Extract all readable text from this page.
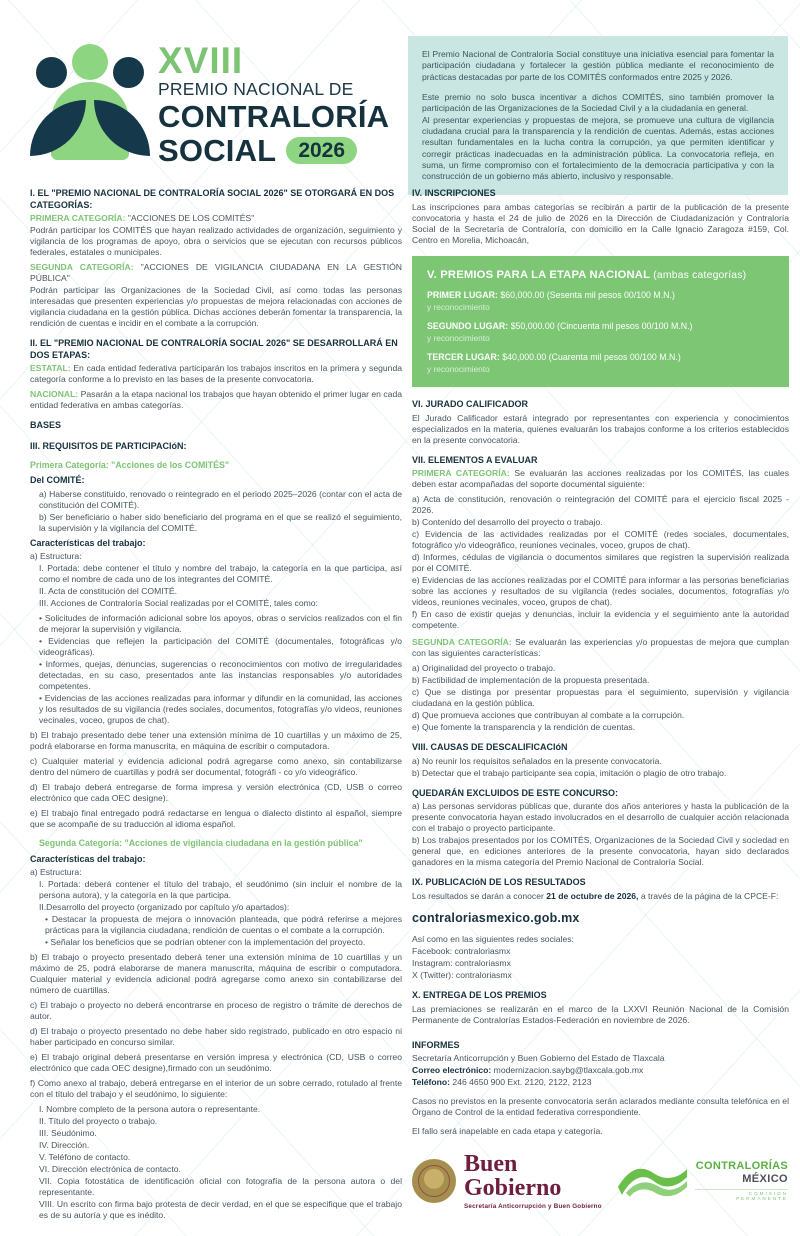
XVIII
PREMIO NACIONAL DE
CONTRALORÍA
SOCIAL	2026

El Premio Nacional de Contraloría Social constituye una iniciativa esencial para fomentar la participación ciudadana y fortalecer la gestión pública mediante el reconocimiento de prácticas destacadas por parte de los COMITÉS conformados entre 2025 y 2026.

Este premio no solo busca incentivar a dichos COMITÉS, sino también promover la participación de las Organizaciones de la Sociedad Civil y a la ciudadanía en general.

Al presentar experiencias y propuestas de mejora, se promueve una cultura de vigilancia ciudadana crucial para la transparencia y la rendición de cuentas. Además, estas acciones resultan fundamentales en la lucha contra la corrupción, ya que permiten identificar y corregir prácticas inadecuadas en la administración pública. La convocatoria refleja, en suma, un firme compromiso con el fortalecimiento de la democracia participativa y con la construcción de un gobierno más abierto, inclusivo y responsable.

I. EL "PREMIO NACIONAL DE CONTRALORÍA SOCIAL 2026" SE OTORGARÁ EN DOS CATEGORÍAS:

PRIMERA CATEGORÍA: "ACCIONES DE LOS COMITÉS"

Podrán participar los COMITÉS que hayan realizado actividades de organización, seguimiento y vigilancia de los programas de apoyo, obra o servicios que se ejecutan con recursos públicos federales, estatales o municipales.

SEGUNDA CATEGORÍA: "ACCIONES DE VIGILANCIA CIUDADANA EN LA GESTIÓN PÚBLICA"

Podrán participar las Organizaciones de la Sociedad Civil, así como todas las personas interesadas que presenten experiencias y/o propuestas de mejora relacionadas con acciones de vigilancia ciudadana en la gestión pública. Dichas acciones deberán fomentar la transparencia, la rendición de cuentas e incidir en el combate a la corrupción.

II. EL "PREMIO NACIONAL DE CONTRALORÍA SOCIAL 2026" SE DESARROLLARÁ EN DOS ETAPAS:

ESTATAL: En cada entidad federativa participarán los trabajos inscritos en la primera y segunda categoría conforme a lo previsto en las bases de la presente convocatoria.

NACIONAL: Pasarán a la etapa nacional los trabajos que hayan obtenido el primer lugar en cada entidad federativa en ambas categorías.

BASES
III. REQUISITOS DE PARTICIPACIóN:
Primera Categoría: "Acciones de los COMITÉS"
Del COMITÉ:

a) Haberse constituido, renovado o reintegrado en el periodo 2025–2026 (contar con el acta de constitución del COMITÉ).

b) Ser beneficiario o haber sido beneficiario del programa en el que se realizó el seguimiento, la supervisión y la vigilancia del COMITÉ.

Características del trabajo:

a) Estructura:

I. Portada: debe contener el título y nombre del trabajo, la categoría en la que participa, así como el nombre de cada uno de los integrantes del COMITÉ.

II. Acta de constitución del COMITÉ.

III. Acciones de Contraloría Social realizadas por el COMITÉ, tales como:

• Solicitudes de información adicional sobre los apoyos, obras o servicios realizados con el fin de mejorar la supervisión y vigilancia.

• Evidencias que reflejen la participación del COMITÉ (documentales, fotográficas y/o videográficas).

• Informes, quejas, denuncias, sugerencias o reconocimientos con motivo de irregularidades detectadas, en su caso, presentados ante las instancias responsables y/o autoridades competentes.

• Evidencias de las acciones realizadas para informar y difundir en la comunidad, las acciones y los resultados de su vigilancia (redes sociales, documentos, fotografías y/o videos, reuniones vecinales, voceo, grupos de chat).

b) El trabajo presentado debe tener una extensión mínima de 10 cuartillas y un máximo de 25, podrá elaborarse en forma manuscrita, en máquina de escribir o computadora.

c) Cualquier material y evidencia adicional podrá agregarse como anexo, sin contabilizarse dentro del número de cuartillas y podrá ser documental, fotográfi - co y/o videográfico.

d) El trabajo deberá entregarse de forma impresa y versión electrónica (CD, USB o correo electrónico que cada OEC designe).

e) El trabajo final entregado podrá redactarse en lengua o dialecto distinto al español, siempre que se acompañe de su traducción al idioma español.

Segunda Categoría: "Acciones de vigilancia ciudadana en la gestión pública"
Características del trabajo:

a) Estructura:

I. Portada: deberá contener el título del trabajo, el seudónimo (sin incluir el nombre de la persona autora), y la categoría en la que participa.

II.Desarrollo del proyecto (organizado por capítulo y/o apartados):

• Destacar la propuesta de mejora o innovación planteada, que podrá referirse a mejores prácticas para la vigilancia ciudadana, rendición de cuentas o el combate a la corrupción.

• Señalar los beneficios que se podrían obtener con la implementación del proyecto.

b) El trabajo o proyecto presentado deberá tener una extensión mínima de 10 cuartillas y un máximo de 25, podrá elaborarse de manera manuscrita, máquina de escribir o computadora. Cualquier material y evidencia adicional podrá agregarse como anexo sin contabilizarse del número de cuartillas.

c) El trabajo o proyecto no deberá encontrarse en proceso de registro o trámite de derechos de autor.

d) El trabajo o proyecto presentado no debe haber sido registrado, publicado en otro espacio ni haber participado en concurso similar.

e) El trabajo original deberá presentarse en versión impresa y electrónica (CD, USB o correo electrónico que cada OEC designe),firmado con un seudónimo.

f) Como anexo al trabajo, deberá entregarse en el interior de un sobre cerrado, rotulado al frente con el título del trabajo y el seudónimo, lo siguiente:

I. Nombre completo de la persona autora o representante.

II. Título del proyecto o trabajo.

III. Seudónimo.

IV. Dirección.

V. Teléfono de contacto.

VI. Dirección electrónica de contacto.

VII. Copia fotostática de identificación oficial con fotografía de la persona autora o del representante.

VIII. Un escrito con firma bajo protesta de decir verdad, en el que se especifique que el trabajo es de su autoría y que es inédito.

IV. INSCRIPCIONES

Las inscripciones para ambas categorías se recibirán a partir de la publicación de la presente convocatoria y hasta el 24 de julio de 2026 en la Dirección de Ciudadanización y Contraloría Social de la Secretaría de Contraloría, con domicilio en la Calle Ignacio Zaragoza #159, Col. Centro en Morelia, Michoacán,

V. PREMIOS PARA LA ETAPA NACIONAL (ambas categorías)
PRIMER LUGAR: $60,000.00 (Sesenta mil pesos 00/100 M.N.)
y reconocimiento
SEGUNDO LUGAR: $50,000.00 (Cincuenta mil pesos 00/100 M.N.)
y reconocimiento
TERCER LUGAR: $40,000.00 (Cuarenta mil pesos 00/100 M.N.)
y reconocimiento
VI. JURADO CALIFICADOR

El Jurado Calificador estará integrado por representantes con experiencia y conocimientos especializados en la materia, quienes evaluarán los trabajos conforme a los criterios establecidos en la presente convocatoria.

VII. ELEMENTOS A EVALUAR

PRIMERA CATEGORÍA: Se evaluarán las acciones realizadas por los COMITÉS, las cuales deben estar acompañadas del soporte documental siguiente:

a) Acta de constitución, renovación o reintegración del COMITÉ para el ejercicio fiscal 2025 - 2026.

b) Contenido del desarrollo del proyecto o trabajo.

c) Evidencia de las actividades realizadas por el COMITÉ (redes sociales, documentales, fotográfico y/o videográfico, reuniones vecinales, voceo, grupos de chat).

d) Informes, cédulas de vigilancia o documentos similares que registren la supervisión realizada por el COMITÉ.

e) Evidencias de las acciones realizadas por el COMITÉ para informar a las personas beneficiarias sobre las acciones y resultados de su vigilancia (redes sociales, documentos, fotografías y/o videos, reuniones vecinales, voceo, grupos de chat).

f) En caso de existir quejas y denuncias, incluir la evidencia y el seguimiento ante la autoridad competente.

SEGUNDA CATEGORÍA: Se evaluarán las experiencias y/o propuestas de mejora que cumplan con las siguientes características:

a) Originalidad del proyecto o trabajo.

b) Factibilidad de implementación de la propuesta presentada.

c) Que se distinga por presentar propuestas para el seguimiento, supervisión y vigilancia ciudadana en la gestión pública.

d) Que promueva acciones que contribuyan al combate a la corrupción.

e) Que fomente la transparencia y la rendición de cuentas.

VIII. CAUSAS DE DESCALIFICACIóN

a) No reunir los requisitos señalados en la presente convocatoria.

b) Detectar que el trabajo participante sea copia, imitación o plagio de otro trabajo.

QUEDARÁN EXCLUIDOS DE ESTE CONCURSO:

a) Las personas servidoras públicas que, durante dos años anteriores y hasta la publicación de la presente convocatoria hayan estado involucrados en el desarrollo de cualquier acción relacionada con el trabajo o proyecto participante.

b) Los trabajos presentados por los COMITÉS, Organizaciones de la Sociedad Civil y sociedad en general que, en ediciones anteriores de la presente convocatoria, hayan sido declarados ganadores en la misma categoría del Premio Nacional de Contraloría Social.

IX. PUBLICACIóN DE LOS RESULTADOS

Los resultados se darán a conocer 21 de octubre de 2026, a través de la página de la CPCE-F:

contraloriasmexico.gob.mx

Así como en las siguientes redes sociales:

Facebook: contraloriasmx

Instagram: contraloriasmx

X (Twitter): contraloriasmx

X. ENTREGA DE LOS PREMIOS

Las premiaciones se realizarán en el marco de la LXXVI Reunión Nacional de la Comisión Permanente de Contralorías Estados-Federación en noviembre de 2026.

INFORMES

Secretaría Anticorrupción y Buen Gobierno del Estado de Tlaxcala

Correo electrónico: modernizacion.saybg@tlaxcala.gob.mx

Teléfono: 246 4650 900 Ext. 2120, 2122, 2123

Casos no previstos en la presente convocatoria serán aclarados mediante consulta telefónica en el Órgano de Control de la entidad federativa correspondiente.

El fallo será inapelable en cada etapa y categoría.

Buen Gobierno
Secretaría Anticorrupción y Buen Gobierno
CONTRALORÍAS
MÉXICO
COMISIÓN PERMANENTE
